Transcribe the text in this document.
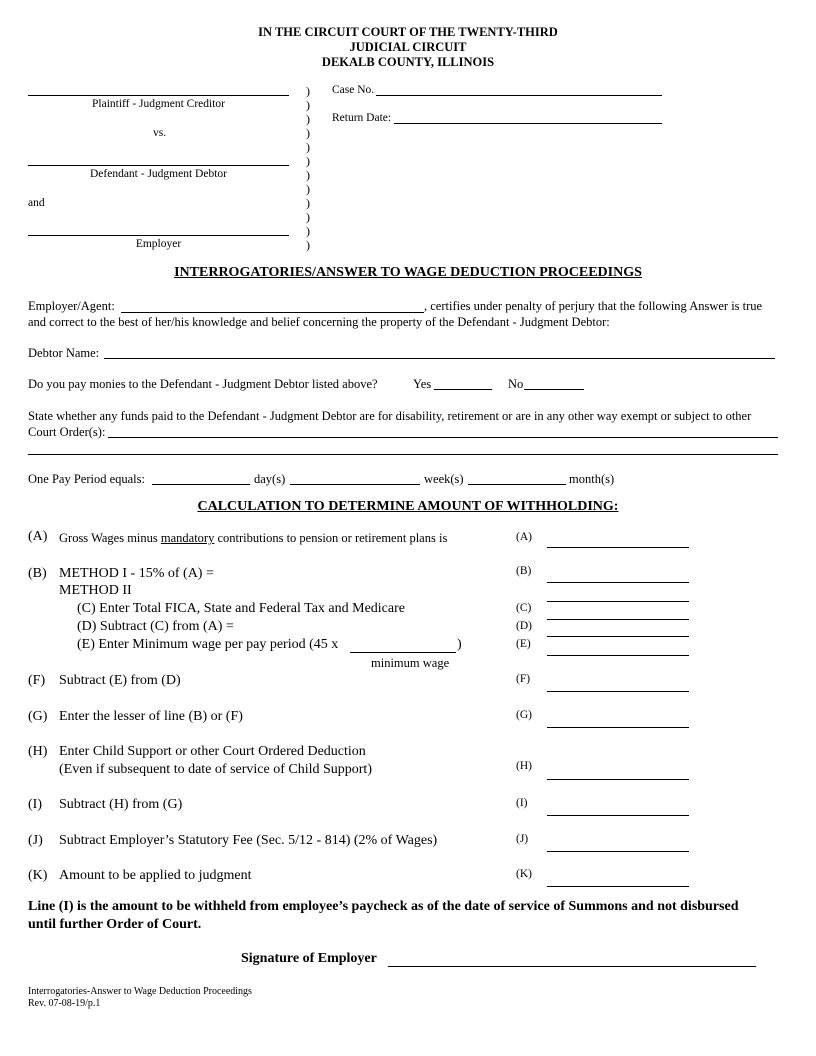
IN THE CIRCUIT COURT OF THE TWENTY-THIRD
JUDICIAL CIRCUIT
DEKALB COUNTY, ILLINOIS
Plaintiff - Judgment Creditor
vs.
Defendant - Judgment Debtor
and
Employer
)
)
)
)
)
)
)
)
)
)
)
)
Case No.
Return Date:
INTERROGATORIES/ANSWER TO WAGE DEDUCTION PROCEEDINGS
Employer/Agent:	, certifies under penalty of perjury that the following Answer is true
and correct to the best of her/his knowledge and belief concerning the property of the Defendant - Judgment Debtor:
Debtor Name:
Do you pay monies to the Defendant - Judgment Debtor listed above?	Yes	No
State whether any funds paid to the Defendant - Judgment Debtor are for disability, retirement or are in any other way exempt or subject to other
Court Order(s):
One Pay Period equals:	day(s)	week(s)	month(s)
CALCULATION TO DETERMINE AMOUNT OF WITHHOLDING:
(A) Gross Wages minus mandatory contributions to pension or retirement plans is	(A)
(B) METHOD I - 15% of (A) =	(B)
METHOD II
(C) Enter Total FICA, State and Federal Tax and Medicare	(C)
(D) Subtract (C) from (A) =	(D)
(E) Enter Minimum wage per pay period (45 x	)	(E)
minimum wage
(F) Subtract (E) from (D)	(F)
(G) Enter the lesser of line (B) or (F)	(G)
(H) Enter Child Support or other Court Ordered Deduction
(Even if subsequent to date of service of Child Support)	(H)
(I) Subtract (H) from (G)	(I)
(J) Subtract Employer’s Statutory Fee (Sec. 5/12 - 814) (2% of Wages)	(J)
(K) Amount to be applied to judgment	(K)
Line (I) is the amount to be withheld from employee’s paycheck as of the date of service of Summons and not disbursed
until further Order of Court.
Signature of Employer
Interrogatories-Answer to Wage Deduction Proceedings
Rev. 07-08-19/p.1
